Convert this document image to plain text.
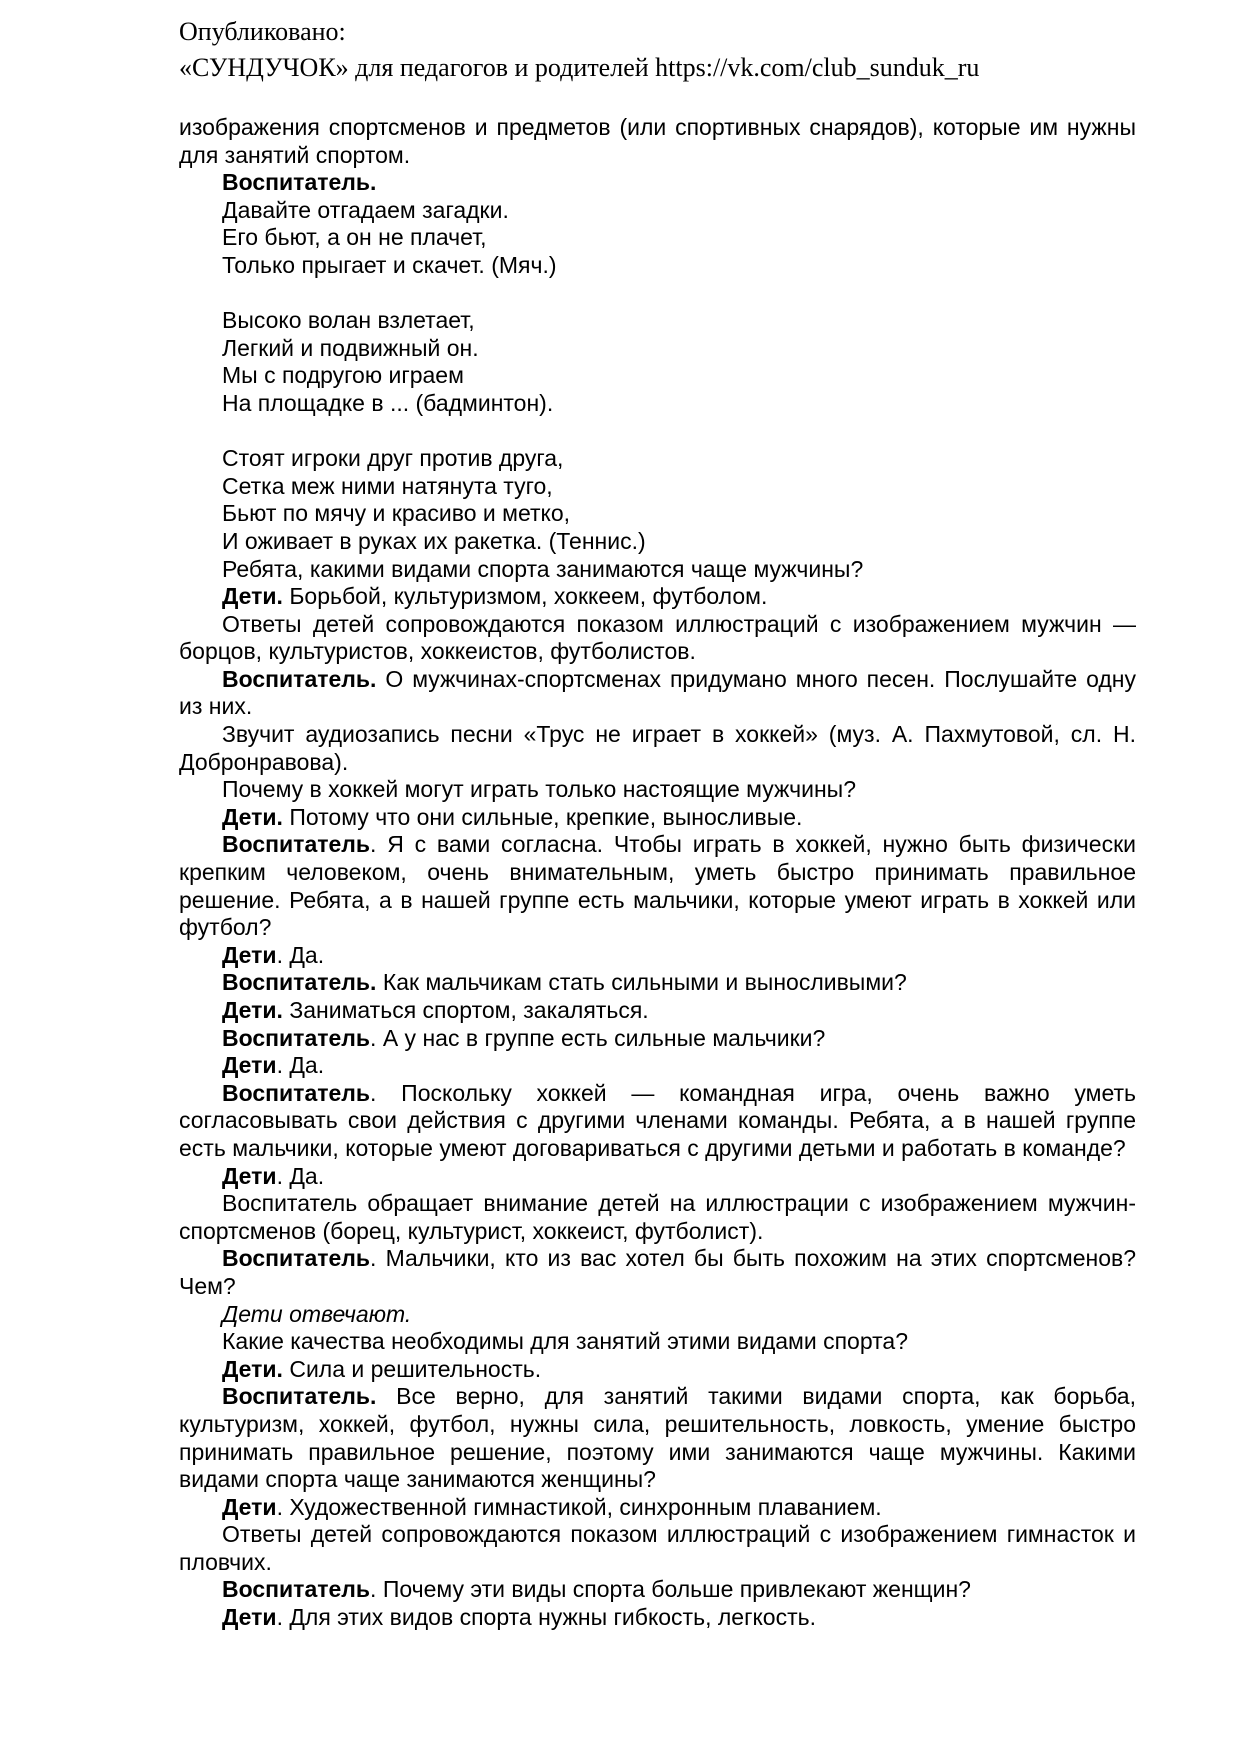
Опубликовано:
«СУНДУЧОК» для педагогов и родителей https://vk.com/club_sunduk_ru

изображения спортсменов и предметов (или спортивных снарядов), которые им нужны для занятий спортом.

Воспитатель.

Давайте отгадаем загадки.

Его бьют, а он не плачет,

Только прыгает и скачет. (Мяч.)

Высоко волан взлетает,

Легкий и подвижный он.

Мы с подругою играем

На площадке в ... (бадминтон).

Стоят игроки друг против друга,

Сетка меж ними натянута туго,

Бьют по мячу и красиво и метко,

И оживает в руках их ракетка. (Теннис.)

Ребята, какими видами спорта занимаются чаще мужчины?

Дети. Борьбой, культуризмом, хоккеем, футболом.

Ответы детей сопровождаются показом иллюстраций с изображением мужчин — борцов, культуристов, хоккеистов, футболистов.

Воспитатель. О мужчинах-спортсменах придумано много песен. Послушайте одну из них.

Звучит аудиозапись песни «Трус не играет в хоккей» (муз. А. Пахмутовой, сл. Н. Добронравова).

Почему в хоккей могут играть только настоящие мужчины?

Дети. Потому что они сильные, крепкие, выносливые.

Воспитатель. Я с вами согласна. Чтобы играть в хоккей, нужно быть физически крепким человеком, очень внимательным, уметь быстро принимать правильное решение. Ребята, а в нашей группе есть мальчики, которые умеют играть в хоккей или футбол?

Дети. Да.

Воспитатель. Как мальчикам стать сильными и выносливыми?

Дети. Заниматься спортом, закаляться.

Воспитатель. А у нас в группе есть сильные мальчики?

Дети. Да.

Воспитатель. Поскольку хоккей — командная игра, очень важно уметь согласовывать свои действия с другими членами команды. Ребята, а в нашей группе есть мальчики, которые умеют договариваться с другими детьми и работать в команде?

Дети. Да.

Воспитатель обращает внимание детей на иллюстрации с изображением мужчин-спортсменов (борец, культурист, хоккеист, футболист).

Воспитатель. Мальчики, кто из вас хотел бы быть похожим на этих спортсменов? Чем?

Дети отвечают.

Какие качества необходимы для занятий этими видами спорта?

Дети. Сила и решительность.

Воспитатель. Все верно, для занятий такими видами спорта, как борьба, культуризм, хоккей, футбол, нужны сила, решительность, ловкость, умение быстро принимать правильное решение, поэтому ими занимаются чаще мужчины. Какими видами спорта чаще занимаются женщины?

Дети. Художественной гимнастикой, синхронным плаванием.

Ответы детей сопровождаются показом иллюстраций с изображением гимнасток и пловчих.

Воспитатель. Почему эти виды спорта больше привлекают женщин?

Дети. Для этих видов спорта нужны гибкость, легкость.
